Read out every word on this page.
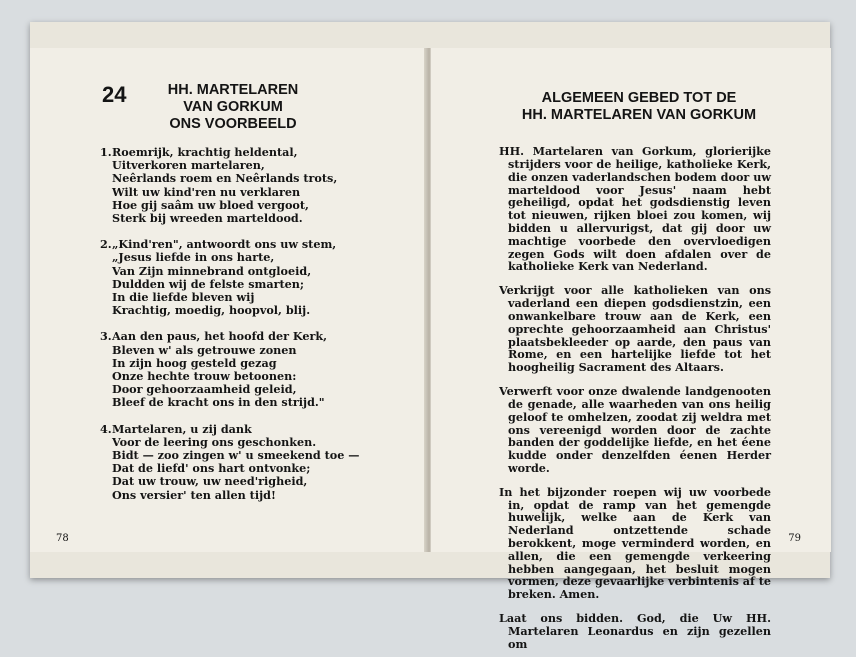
24	HH. MARTELAREN
VAN GORKUM
ONS VOORBEELD
1. Roemrijk, krachtig heldental,
Uitverkoren martelaren,
Neêrlands roem en Neêrlands trots,
Wilt uw kind'ren nu verklaren
Hoe gij saâm uw bloed vergoot,
Sterk bij wreeden marteldood.
2. „Kind'ren", antwoordt ons uw stem,
„Jesus liefde in ons harte,
Van Zijn minnebrand ontgloeid,
Duldden wij de felste smarten;
In die liefde bleven wij
Krachtig, moedig, hoopvol, blij.
3. Aan den paus, het hoofd der Kerk,
Bleven w' als getrouwe zonen
In zijn hoog gesteld gezag
Onze hechte trouw betoonen:
Door gehoorzaamheid geleid,
Bleef de kracht ons in den strijd."
4. Martelaren, u zij dank
Voor de leering ons geschonken.
Bidt — zoo zingen w' u smeekend toe —
Dat de liefd' ons hart ontvonke;
Dat uw trouw, uw need'righeid,
Ons versier' ten allen tijd!
78
ALGEMEEN GEBED TOT DE
HH. MARTELAREN VAN GORKUM

HH. Martelaren van Gorkum, glorierijke strijders voor de heilige, katholieke Kerk, die onzen vaderlandschen bodem door uw marteldood voor Jesus' naam hebt geheiligd, opdat het godsdienstig leven tot nieuwen, rijken bloei zou komen, wij bidden u allervurigst, dat gij door uw machtige voorbede den overvloedigen zegen Gods wilt doen afdalen over de katholieke Kerk van Nederland.

Verkrijgt voor alle katholieken van ons vaderland een diepen godsdienstzin, een onwankelbare trouw aan de Kerk, een oprechte gehoorzaamheid aan Christus' plaatsbekleeder op aarde, den paus van Rome, en een hartelijke liefde tot het hoogheilig Sacrament des Altaars.

Verwerft voor onze dwalende landgenooten de genade, alle waarheden van ons heilig geloof te omhelzen, zoodat zij weldra met ons vereenigd worden door de zachte banden der goddelijke liefde, en het éene kudde onder denzelfden éenen Herder worde.

In het bijzonder roepen wij uw voorbede in, opdat de ramp van het gemengde huwelijk, welke aan de Kerk van Nederland ontzettende schade berokkent, moge verminderd worden, en allen, die een gemengde verkeering hebben aangegaan, het besluit mogen vormen, deze gevaarlijke verbintenis af te breken. Amen.

Laat ons bidden. God, die Uw HH. Martelaren Leonardus en zijn gezellen om

79
